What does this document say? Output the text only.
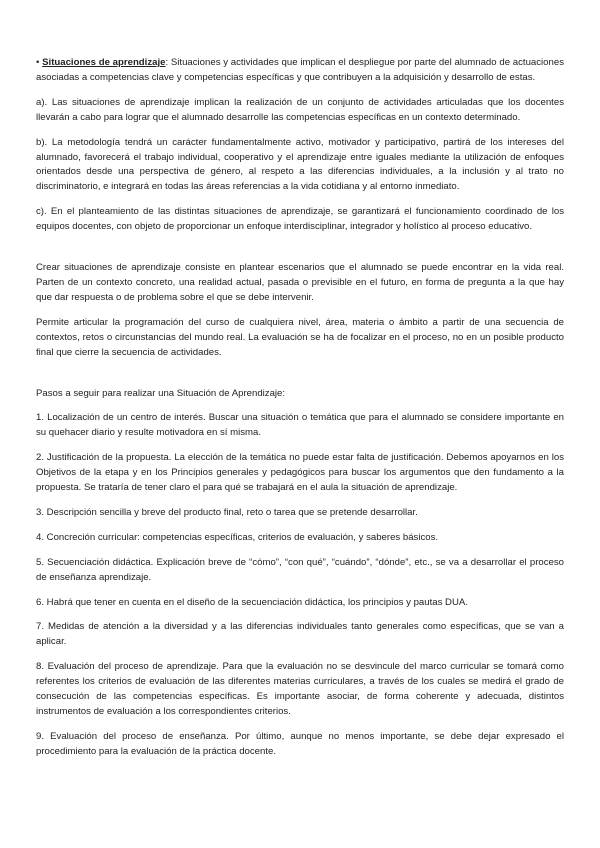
• Situaciones de aprendizaje: Situaciones y actividades que implican el despliegue por parte del alumnado de actuaciones asociadas a competencias clave y competencias específicas y que contribuyen a la adquisición y desarrollo de estas.

a). Las situaciones de aprendizaje implican la realización de un conjunto de actividades articuladas que los docentes llevarán a cabo para lograr que el alumnado desarrolle las competencias específicas en un contexto determinado.

b). La metodología tendrá un carácter fundamentalmente activo, motivador y participativo, partirá de los intereses del alumnado, favorecerá el trabajo individual, cooperativo y el aprendizaje entre iguales mediante la utilización de enfoques orientados desde una perspectiva de género, al respeto a las diferencias individuales, a la inclusión y al trato no discriminatorio, e integrará en todas las áreas referencias a la vida cotidiana y al entorno inmediato.

c). En el planteamiento de las distintas situaciones de aprendizaje, se garantizará el funcionamiento coordinado de los equipos docentes, con objeto de proporcionar un enfoque interdisciplinar, integrador y holístico al proceso educativo.

Crear situaciones de aprendizaje consiste en plantear escenarios que el alumnado se puede encontrar en la vida real. Parten de un contexto concreto, una realidad actual, pasada o previsible en el futuro, en forma de pregunta a la que hay que dar respuesta o de problema sobre el que se debe intervenir.

Permite articular la programación del curso de cualquiera nivel, área, materia o ámbito a partir de una secuencia de contextos, retos o circunstancias del mundo real. La evaluación se ha de focalizar en el proceso, no en un posible producto final que cierre la secuencia de actividades.

Pasos a seguir para realizar una Situación de Aprendizaje:

1. Localización de un centro de interés. Buscar una situación o temática que para el alumnado se considere importante en su quehacer diario y resulte motivadora en sí misma.

2. Justificación de la propuesta. La elección de la temática no puede estar falta de justificación. Debemos apoyarnos en los Objetivos de la etapa y en los Principios generales y pedagógicos para buscar los argumentos que den fundamento a la propuesta. Se trataría de tener claro el para qué se trabajará en el aula la situación de aprendizaje.

3. Descripción sencilla y breve del producto final, reto o tarea que se pretende desarrollar.

4. Concreción curricular: competencias específicas, criterios de evaluación, y saberes básicos.

5. Secuenciación didáctica. Explicación breve de “cómo”, “con qué”, “cuándo”, “dónde”, etc., se va a desarrollar el proceso de enseñanza aprendizaje.

6. Habrá que tener en cuenta en el diseño de la secuenciación didáctica, los principios y pautas DUA.

7. Medidas de atención a la diversidad y a las diferencias individuales tanto generales como específicas, que se van a aplicar.

8. Evaluación del proceso de aprendizaje. Para que la evaluación no se desvincule del marco curricular se tomará como referentes los criterios de evaluación de las diferentes materias curriculares, a través de los cuales se medirá el grado de consecución de las competencias específicas. Es importante asociar, de forma coherente y adecuada, distintos instrumentos de evaluación a los correspondientes criterios.

9. Evaluación del proceso de enseñanza. Por último, aunque no menos importante, se debe dejar expresado el procedimiento para la evaluación de la práctica docente.
